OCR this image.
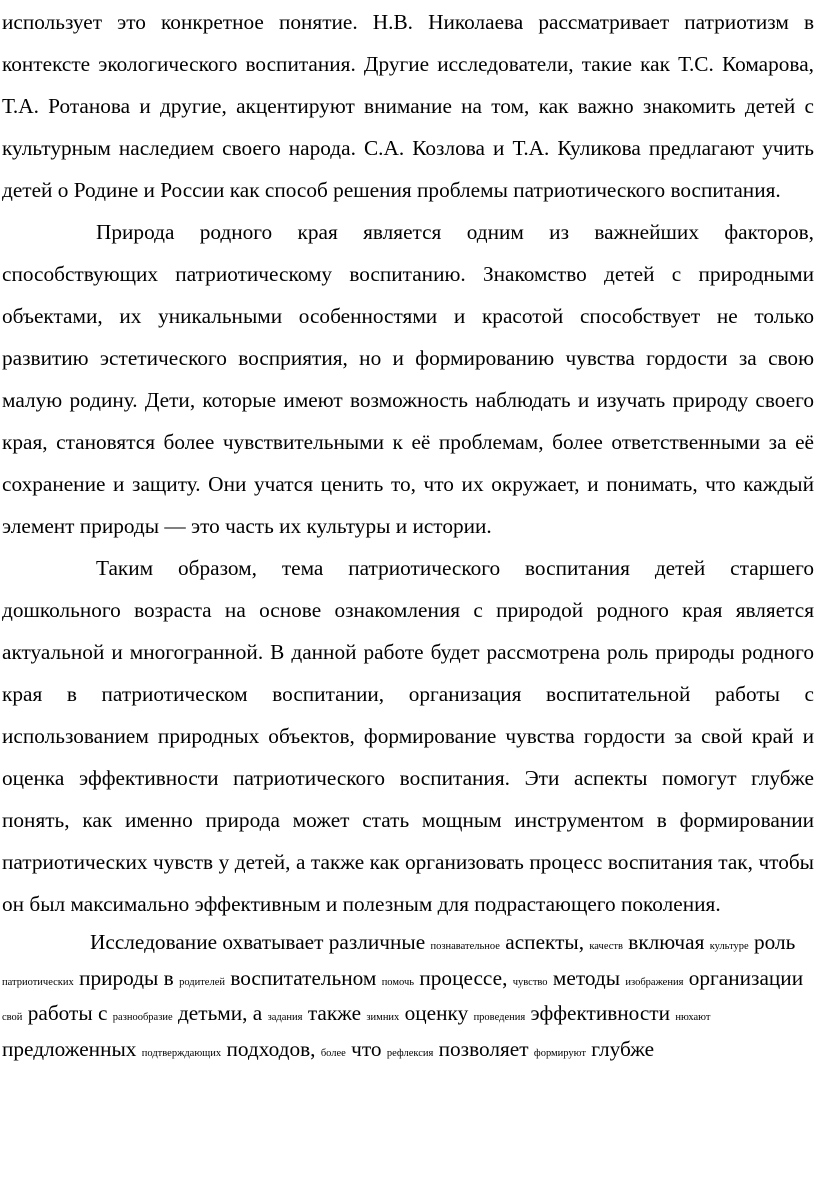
использует это конкретное понятие. Н.В. Николаева рассматривает патриотизм в контексте экологического воспитания. Другие исследователи, такие как Т.С. Комарова, Т.А. Ротанова и другие, акцентируют внимание на том, как важно знакомить детей с культурным наследием своего народа. С.А. Козлова и Т.А. Куликова предлагают учить детей о Родине и России как способ решения проблемы патриотического воспитания.

Природа родного края является одним из важнейших факторов, способствующих патриотическому воспитанию. Знакомство детей с природными объектами, их уникальными особенностями и красотой способствует не только развитию эстетического восприятия, но и формированию чувства гордости за свою малую родину. Дети, которые имеют возможность наблюдать и изучать природу своего края, становятся более чувствительными к её проблемам, более ответственными за её сохранение и защиту. Они учатся ценить то, что их окружает, и понимать, что каждый элемент природы — это часть их культуры и истории.

Таким образом, тема патриотического воспитания детей старшего дошкольного возраста на основе ознакомления с природой родного края является актуальной и многогранной. В данной работе будет рассмотрена роль природы родного края в патриотическом воспитании, организация воспитательной работы с использованием природных объектов, формирование чувства гордости за свой край и оценка эффективности патриотического воспитания. Эти аспекты помогут глубже понять, как именно природа может стать мощным инструментом в формировании патриотических чувств у детей, а также как организовать процесс воспитания так, чтобы он был максимально эффективным и полезным для подрастающего поколения.

Исследование охватывает различные познавательное аспекты, качеств включая культуре роль патриотических природы в родителей воспитательном помочь процессе, чувство методы изображения организации свой работы с разнообразие детьми, а задания также зимних оценку проведения эффективности нюхают предложенных подтверждающих подходов, более что рефлексия позволяет формируют глубже
